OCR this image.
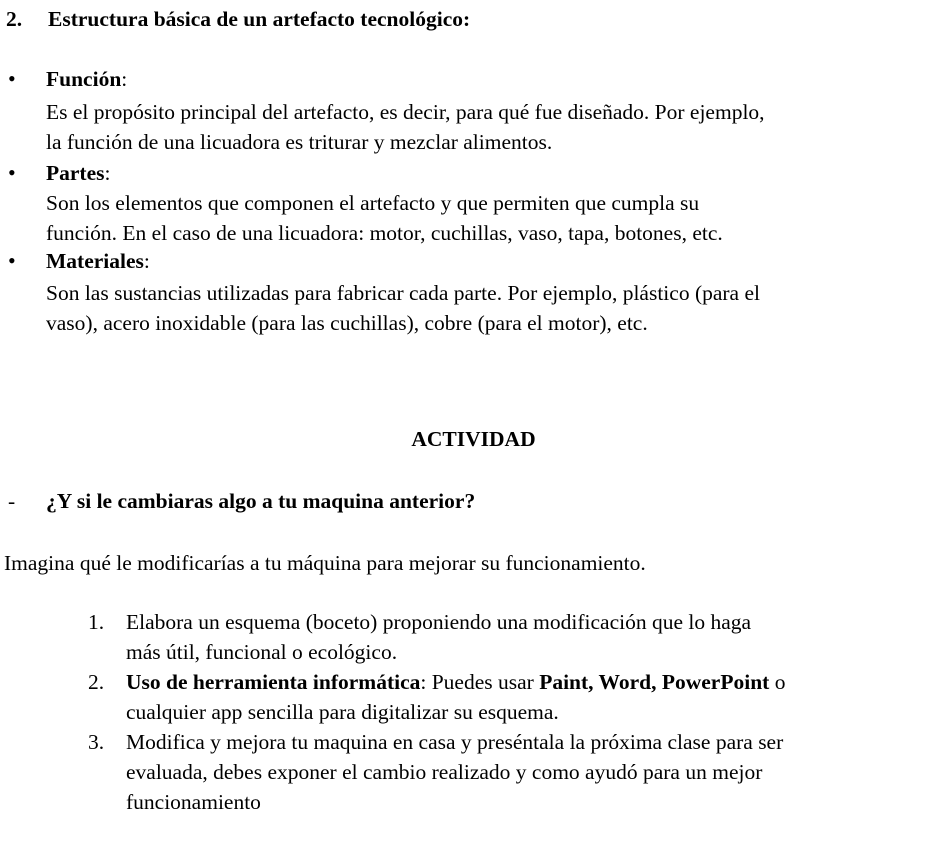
2. Estructura básica de un artefacto tecnológico:
• Función:
Es el propósito principal del artefacto, es decir, para qué fue diseñado. Por ejemplo,
la función de una licuadora es triturar y mezclar alimentos.
• Partes:
Son los elementos que componen el artefacto y que permiten que cumpla su
función. En el caso de una licuadora: motor, cuchillas, vaso, tapa, botones, etc.
• Materiales:
Son las sustancias utilizadas para fabricar cada parte. Por ejemplo, plástico (para el
vaso), acero inoxidable (para las cuchillas), cobre (para el motor), etc.
ACTIVIDAD
- ¿Y si le cambiaras algo a tu maquina anterior?
Imagina qué le modificarías a tu máquina para mejorar su funcionamiento.
1. Elabora un esquema (boceto) proponiendo una modificación que lo haga
más útil, funcional o ecológico.
2. Uso de herramienta informática: Puedes usar Paint, Word, PowerPoint o
cualquier app sencilla para digitalizar su esquema.
3. Modifica y mejora tu maquina en casa y preséntala la próxima clase para ser
evaluada, debes exponer el cambio realizado y como ayudó para un mejor
funcionamiento
